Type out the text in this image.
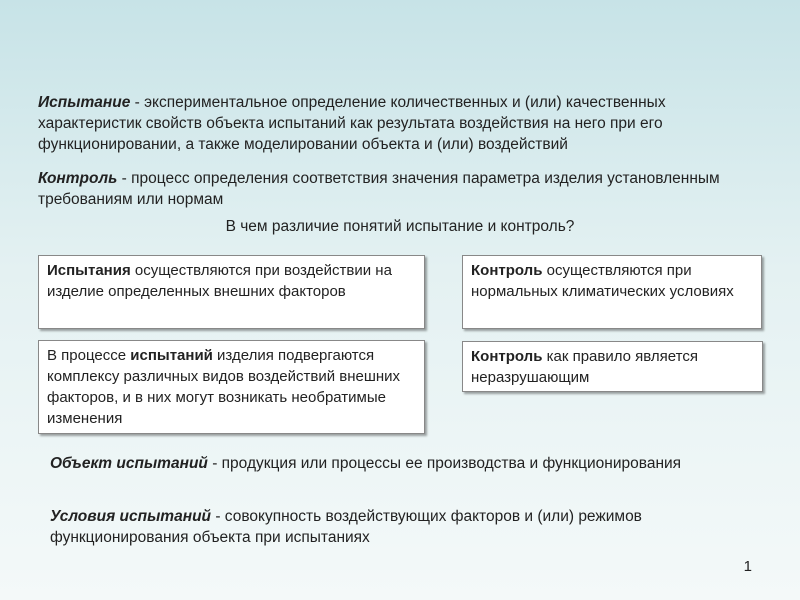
Испытание - экспериментальное определение количественных и (или) качественных характеристик свойств объекта испытаний как результата воздействия на него при его функционировании, а также моделировании объекта и (или) воздействий

Контроль - процесс определения соответствия значения параметра изделия установленным требованиям или нормам

В чем различие понятий испытание и контроль?

Испытания осуществляются при воздействии на изделие определенных внешних факторов
Контроль осуществляются при нормальных климатических условиях
В процессе испытаний изделия подвергаются комплексу различных видов воздействий внешних факторов, и в них могут возникать необратимые изменения
Контроль как правило является неразрушающим

Объект испытаний - продукция или процессы ее производства и функционирования

Условия испытаний - совокупность воздействующих факторов и (или) режимов функционирования объекта при испытаниях

1
